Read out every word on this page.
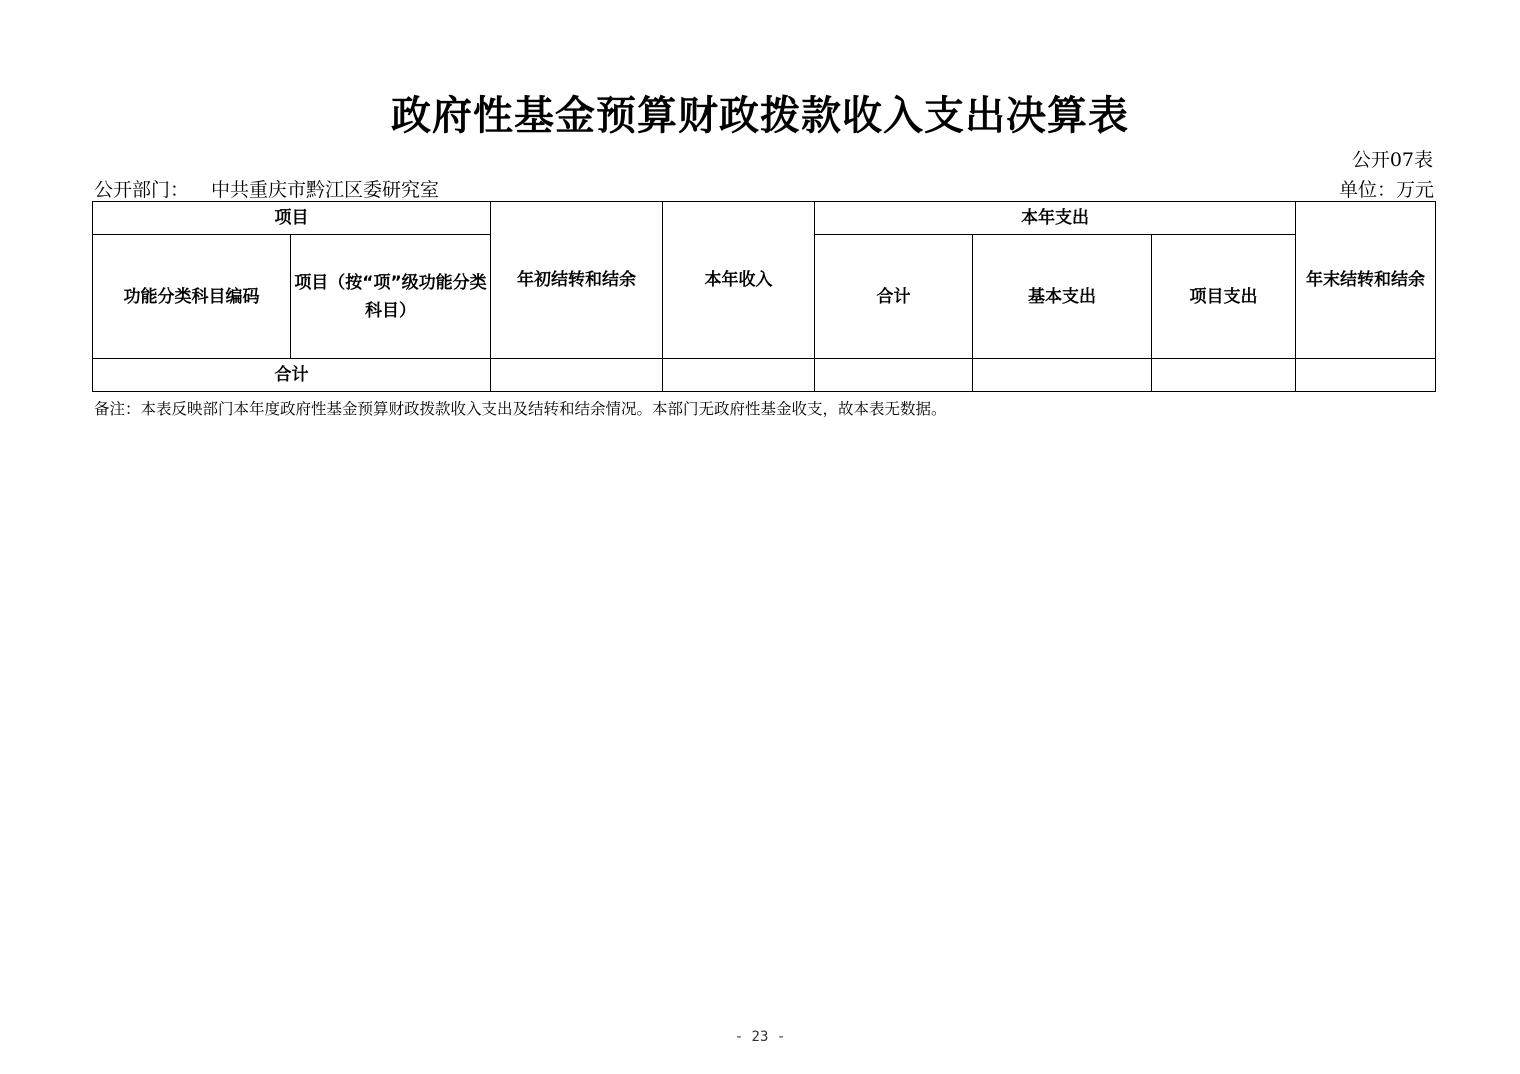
政府性基金预算财政拨款收入支出决算表
公开07表
公开部门： 中共重庆市黔江区委研究室	单位：万元
项目		年初结转和结余	本年收入	本年支出			年末结转和结余
功能分类科目编码	项目（按“项”级功能分类科目）			合计	基本支出	项目支出	
合计							
备注：本表反映部门本年度政府性基金预算财政拨款收入支出及结转和结余情况。本部门无政府性基金收支，故本表无数据。
- 23 -
